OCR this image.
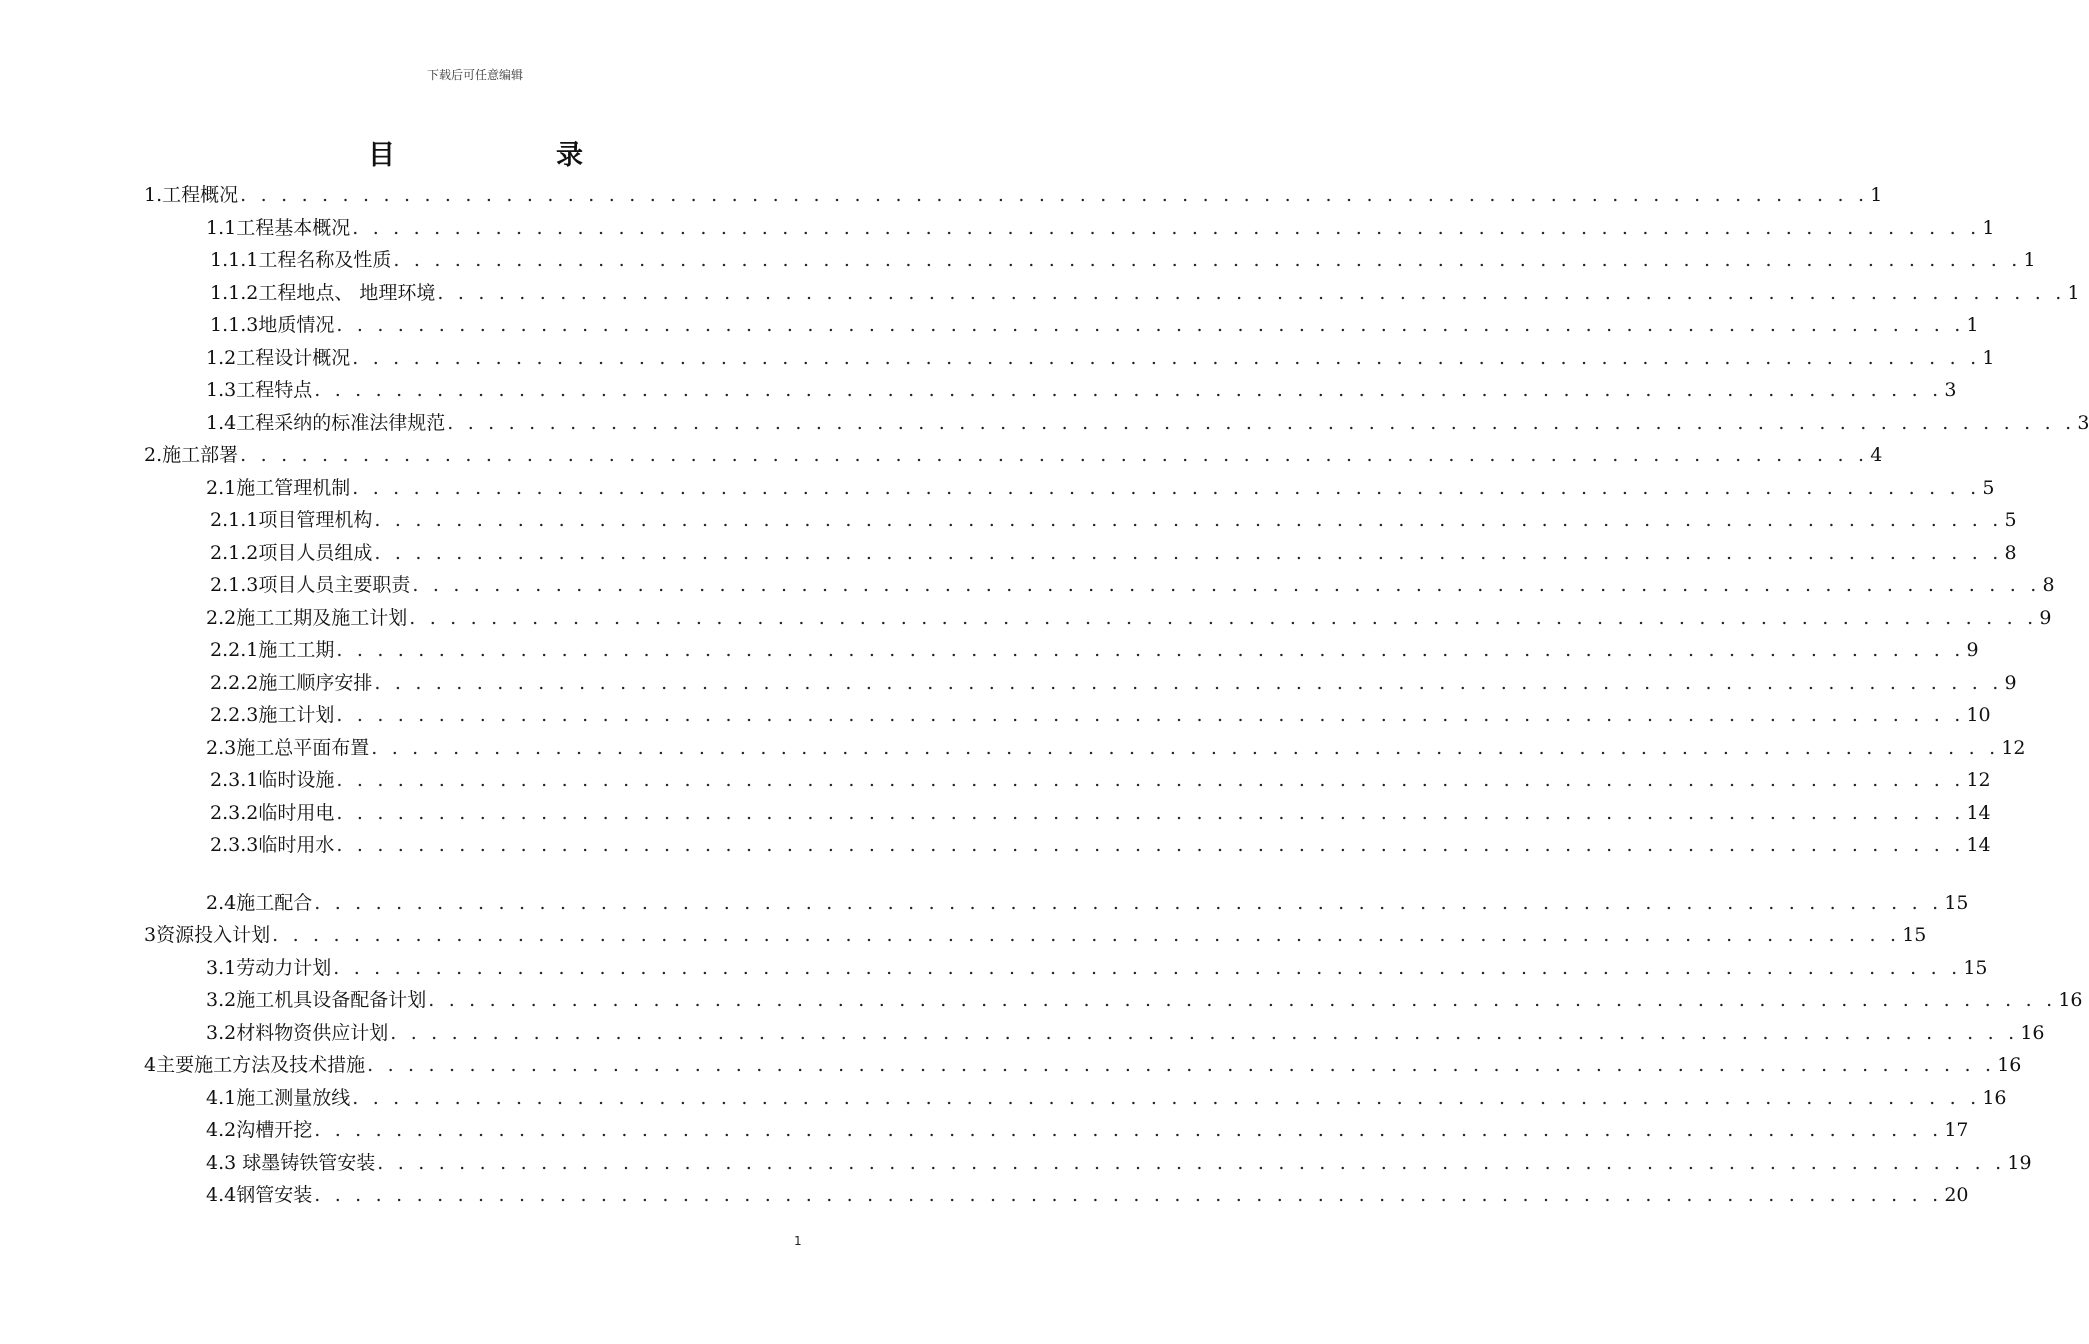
下载后可任意编辑
目	录
1.工程概况 . . . . . . . . . . . . . . . . . . . . . . . . . . . . . . . . . . . . . . . . . . . . . . . . . . . . . . . . . . . . . . . . . . . . . . . . . . . . . . . . 1
1.1工程基本概况 . . . . . . . . . . . . . . . . . . . . . . . . . . . . . . . . . . . . . . . . . . . . . . . . . . . . . . . . . . . . . . . . . . . . . . . . . . . . . . . . 1
1.1.1工程名称及性质 . . . . . . . . . . . . . . . . . . . . . . . . . . . . . . . . . . . . . . . . . . . . . . . . . . . . . . . . . . . . . . . . . . . . . . . . . . . . . . . . 1
1.1.2工程地点、 地理环境 . . . . . . . . . . . . . . . . . . . . . . . . . . . . . . . . . . . . . . . . . . . . . . . . . . . . . . . . . . . . . . . . . . . . . . . . . . . . . . . . 1
1.1.3地质情况 . . . . . . . . . . . . . . . . . . . . . . . . . . . . . . . . . . . . . . . . . . . . . . . . . . . . . . . . . . . . . . . . . . . . . . . . . . . . . . . . 1
1.2工程设计概况 . . . . . . . . . . . . . . . . . . . . . . . . . . . . . . . . . . . . . . . . . . . . . . . . . . . . . . . . . . . . . . . . . . . . . . . . . . . . . . . . 1
1.3工程特点 . . . . . . . . . . . . . . . . . . . . . . . . . . . . . . . . . . . . . . . . . . . . . . . . . . . . . . . . . . . . . . . . . . . . . . . . . . . . . . . . 3
1.4工程采纳的标准法律规范 . . . . . . . . . . . . . . . . . . . . . . . . . . . . . . . . . . . . . . . . . . . . . . . . . . . . . . . . . . . . . . . . . . . . . . . . . . . . . . . . 3
2.施工部署 . . . . . . . . . . . . . . . . . . . . . . . . . . . . . . . . . . . . . . . . . . . . . . . . . . . . . . . . . . . . . . . . . . . . . . . . . . . . . . . . 4
2.1施工管理机制 . . . . . . . . . . . . . . . . . . . . . . . . . . . . . . . . . . . . . . . . . . . . . . . . . . . . . . . . . . . . . . . . . . . . . . . . . . . . . . . . 5
2.1.1项目管理机构 . . . . . . . . . . . . . . . . . . . . . . . . . . . . . . . . . . . . . . . . . . . . . . . . . . . . . . . . . . . . . . . . . . . . . . . . . . . . . . . . 5
2.1.2项目人员组成 . . . . . . . . . . . . . . . . . . . . . . . . . . . . . . . . . . . . . . . . . . . . . . . . . . . . . . . . . . . . . . . . . . . . . . . . . . . . . . . . 8
2.1.3项目人员主要职责 . . . . . . . . . . . . . . . . . . . . . . . . . . . . . . . . . . . . . . . . . . . . . . . . . . . . . . . . . . . . . . . . . . . . . . . . . . . . . . . . 8
2.2施工工期及施工计划 . . . . . . . . . . . . . . . . . . . . . . . . . . . . . . . . . . . . . . . . . . . . . . . . . . . . . . . . . . . . . . . . . . . . . . . . . . . . . . . . 9
2.2.1施工工期 . . . . . . . . . . . . . . . . . . . . . . . . . . . . . . . . . . . . . . . . . . . . . . . . . . . . . . . . . . . . . . . . . . . . . . . . . . . . . . . . 9
2.2.2施工顺序安排 . . . . . . . . . . . . . . . . . . . . . . . . . . . . . . . . . . . . . . . . . . . . . . . . . . . . . . . . . . . . . . . . . . . . . . . . . . . . . . . . 9
2.2.3施工计划 . . . . . . . . . . . . . . . . . . . . . . . . . . . . . . . . . . . . . . . . . . . . . . . . . . . . . . . . . . . . . . . . . . . . . . . . . . . . . . . . 10
2.3施工总平面布置 . . . . . . . . . . . . . . . . . . . . . . . . . . . . . . . . . . . . . . . . . . . . . . . . . . . . . . . . . . . . . . . . . . . . . . . . . . . . . . . . 12
2.3.1临时设施 . . . . . . . . . . . . . . . . . . . . . . . . . . . . . . . . . . . . . . . . . . . . . . . . . . . . . . . . . . . . . . . . . . . . . . . . . . . . . . . . 12
2.3.2临时用电 . . . . . . . . . . . . . . . . . . . . . . . . . . . . . . . . . . . . . . . . . . . . . . . . . . . . . . . . . . . . . . . . . . . . . . . . . . . . . . . . 14
2.3.3临时用水 . . . . . . . . . . . . . . . . . . . . . . . . . . . . . . . . . . . . . . . . . . . . . . . . . . . . . . . . . . . . . . . . . . . . . . . . . . . . . . . . 14
2.4施工配合 . . . . . . . . . . . . . . . . . . . . . . . . . . . . . . . . . . . . . . . . . . . . . . . . . . . . . . . . . . . . . . . . . . . . . . . . . . . . . . . . 15
3资源投入计划 . . . . . . . . . . . . . . . . . . . . . . . . . . . . . . . . . . . . . . . . . . . . . . . . . . . . . . . . . . . . . . . . . . . . . . . . . . . . . . . . 15
3.1劳动力计划 . . . . . . . . . . . . . . . . . . . . . . . . . . . . . . . . . . . . . . . . . . . . . . . . . . . . . . . . . . . . . . . . . . . . . . . . . . . . . . . . 15
3.2施工机具设备配备计划 . . . . . . . . . . . . . . . . . . . . . . . . . . . . . . . . . . . . . . . . . . . . . . . . . . . . . . . . . . . . . . . . . . . . . . . . . . . . . . . . 16
3.2材料物资供应计划 . . . . . . . . . . . . . . . . . . . . . . . . . . . . . . . . . . . . . . . . . . . . . . . . . . . . . . . . . . . . . . . . . . . . . . . . . . . . . . . . 16
4主要施工方法及技术措施 . . . . . . . . . . . . . . . . . . . . . . . . . . . . . . . . . . . . . . . . . . . . . . . . . . . . . . . . . . . . . . . . . . . . . . . . . . . . . . . . 16
4.1施工测量放线 . . . . . . . . . . . . . . . . . . . . . . . . . . . . . . . . . . . . . . . . . . . . . . . . . . . . . . . . . . . . . . . . . . . . . . . . . . . . . . . . 16
4.2沟槽开挖 . . . . . . . . . . . . . . . . . . . . . . . . . . . . . . . . . . . . . . . . . . . . . . . . . . . . . . . . . . . . . . . . . . . . . . . . . . . . . . . . 17
4.3 球墨铸铁管安装 . . . . . . . . . . . . . . . . . . . . . . . . . . . . . . . . . . . . . . . . . . . . . . . . . . . . . . . . . . . . . . . . . . . . . . . . . . . . . . . . 19
4.4钢管安装 . . . . . . . . . . . . . . . . . . . . . . . . . . . . . . . . . . . . . . . . . . . . . . . . . . . . . . . . . . . . . . . . . . . . . . . . . . . . . . . . 20
1
